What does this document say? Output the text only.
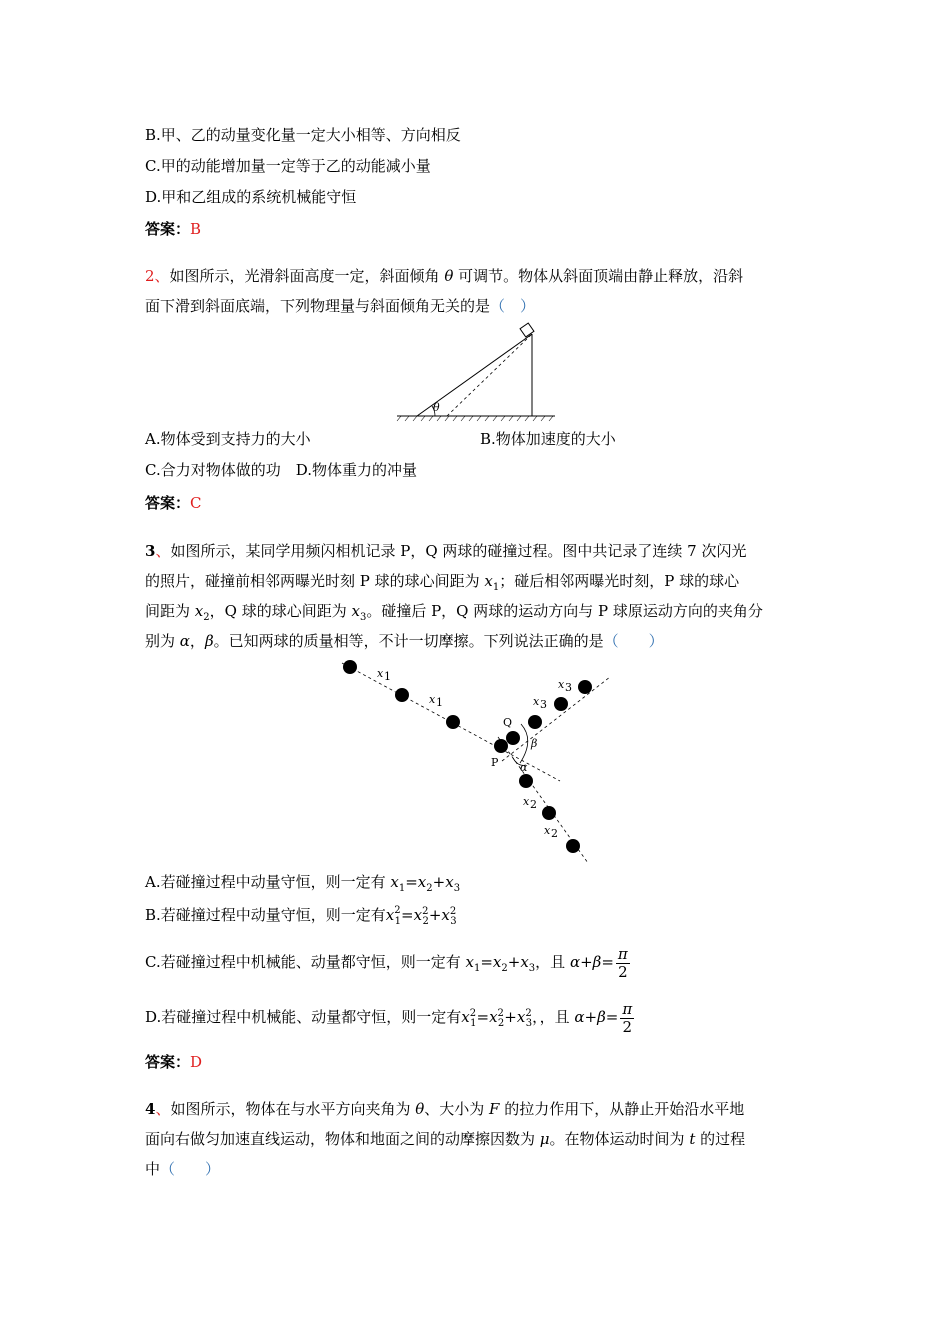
B.甲、乙的动量变化量一定大小相等、方向相反
C.甲的动能增加量一定等于乙的动能减小量
D.甲和乙组成的系统机械能守恒
答案：B
2、如图所示，光滑斜面高度一定，斜面倾角 θ 可调节。物体从斜面顶端由静止释放，沿斜
面下滑到斜面底端，下列物理量与斜面倾角无关的是（　）
θ
A.物体受到支持力的大小	B.物体加速度的大小
C.合力对物体做的功   D.物体重力的冲量
答案：C
3、如图所示，某同学用频闪相机记录 P，Q 两球的碰撞过程。图中共记录了连续 7 次闪光
的照片，碰撞前相邻两曝光时刻 P 球的球心间距为 $x_1$；碰后相邻两曝光时刻，P 球的球心
间距为 $x_2$，Q 球的球心间距为 $x_3$。碰撞后 P，Q 两球的运动方向与 P 球原运动方向的夹角分
别为 α，β。已知两球的质量相等，不计一切摩擦。下列说法正确的是（　　）
Q
P
β
α
x 1
x 1	x 3
x 3
x 2
x 2
A.若碰撞过程中动量守恒，则一定有 $x_1=x_2+x_3$
B.若碰撞过程中动量守恒，则一定有$x^2_1=x^2_2+x^2_3$
C.若碰撞过程中机械能、动量都守恒，则一定有 $x_1=x_2+x_3$，且 $\alpha+\beta= \frac{\pi}{2}$
D.若碰撞过程中机械能、动量都守恒，则一定有$x^2_1=x^2_2+x^2_3$，，且 $\alpha+\beta= \frac{\pi}{2}$
答案：D
4、如图所示，物体在与水平方向夹角为 θ、大小为 F 的拉力作用下，从静止开始沿水平地
面向右做匀加速直线运动，物体和地面之间的动摩擦因数为 μ。在物体运动时间为 t 的过程
中（　　）
